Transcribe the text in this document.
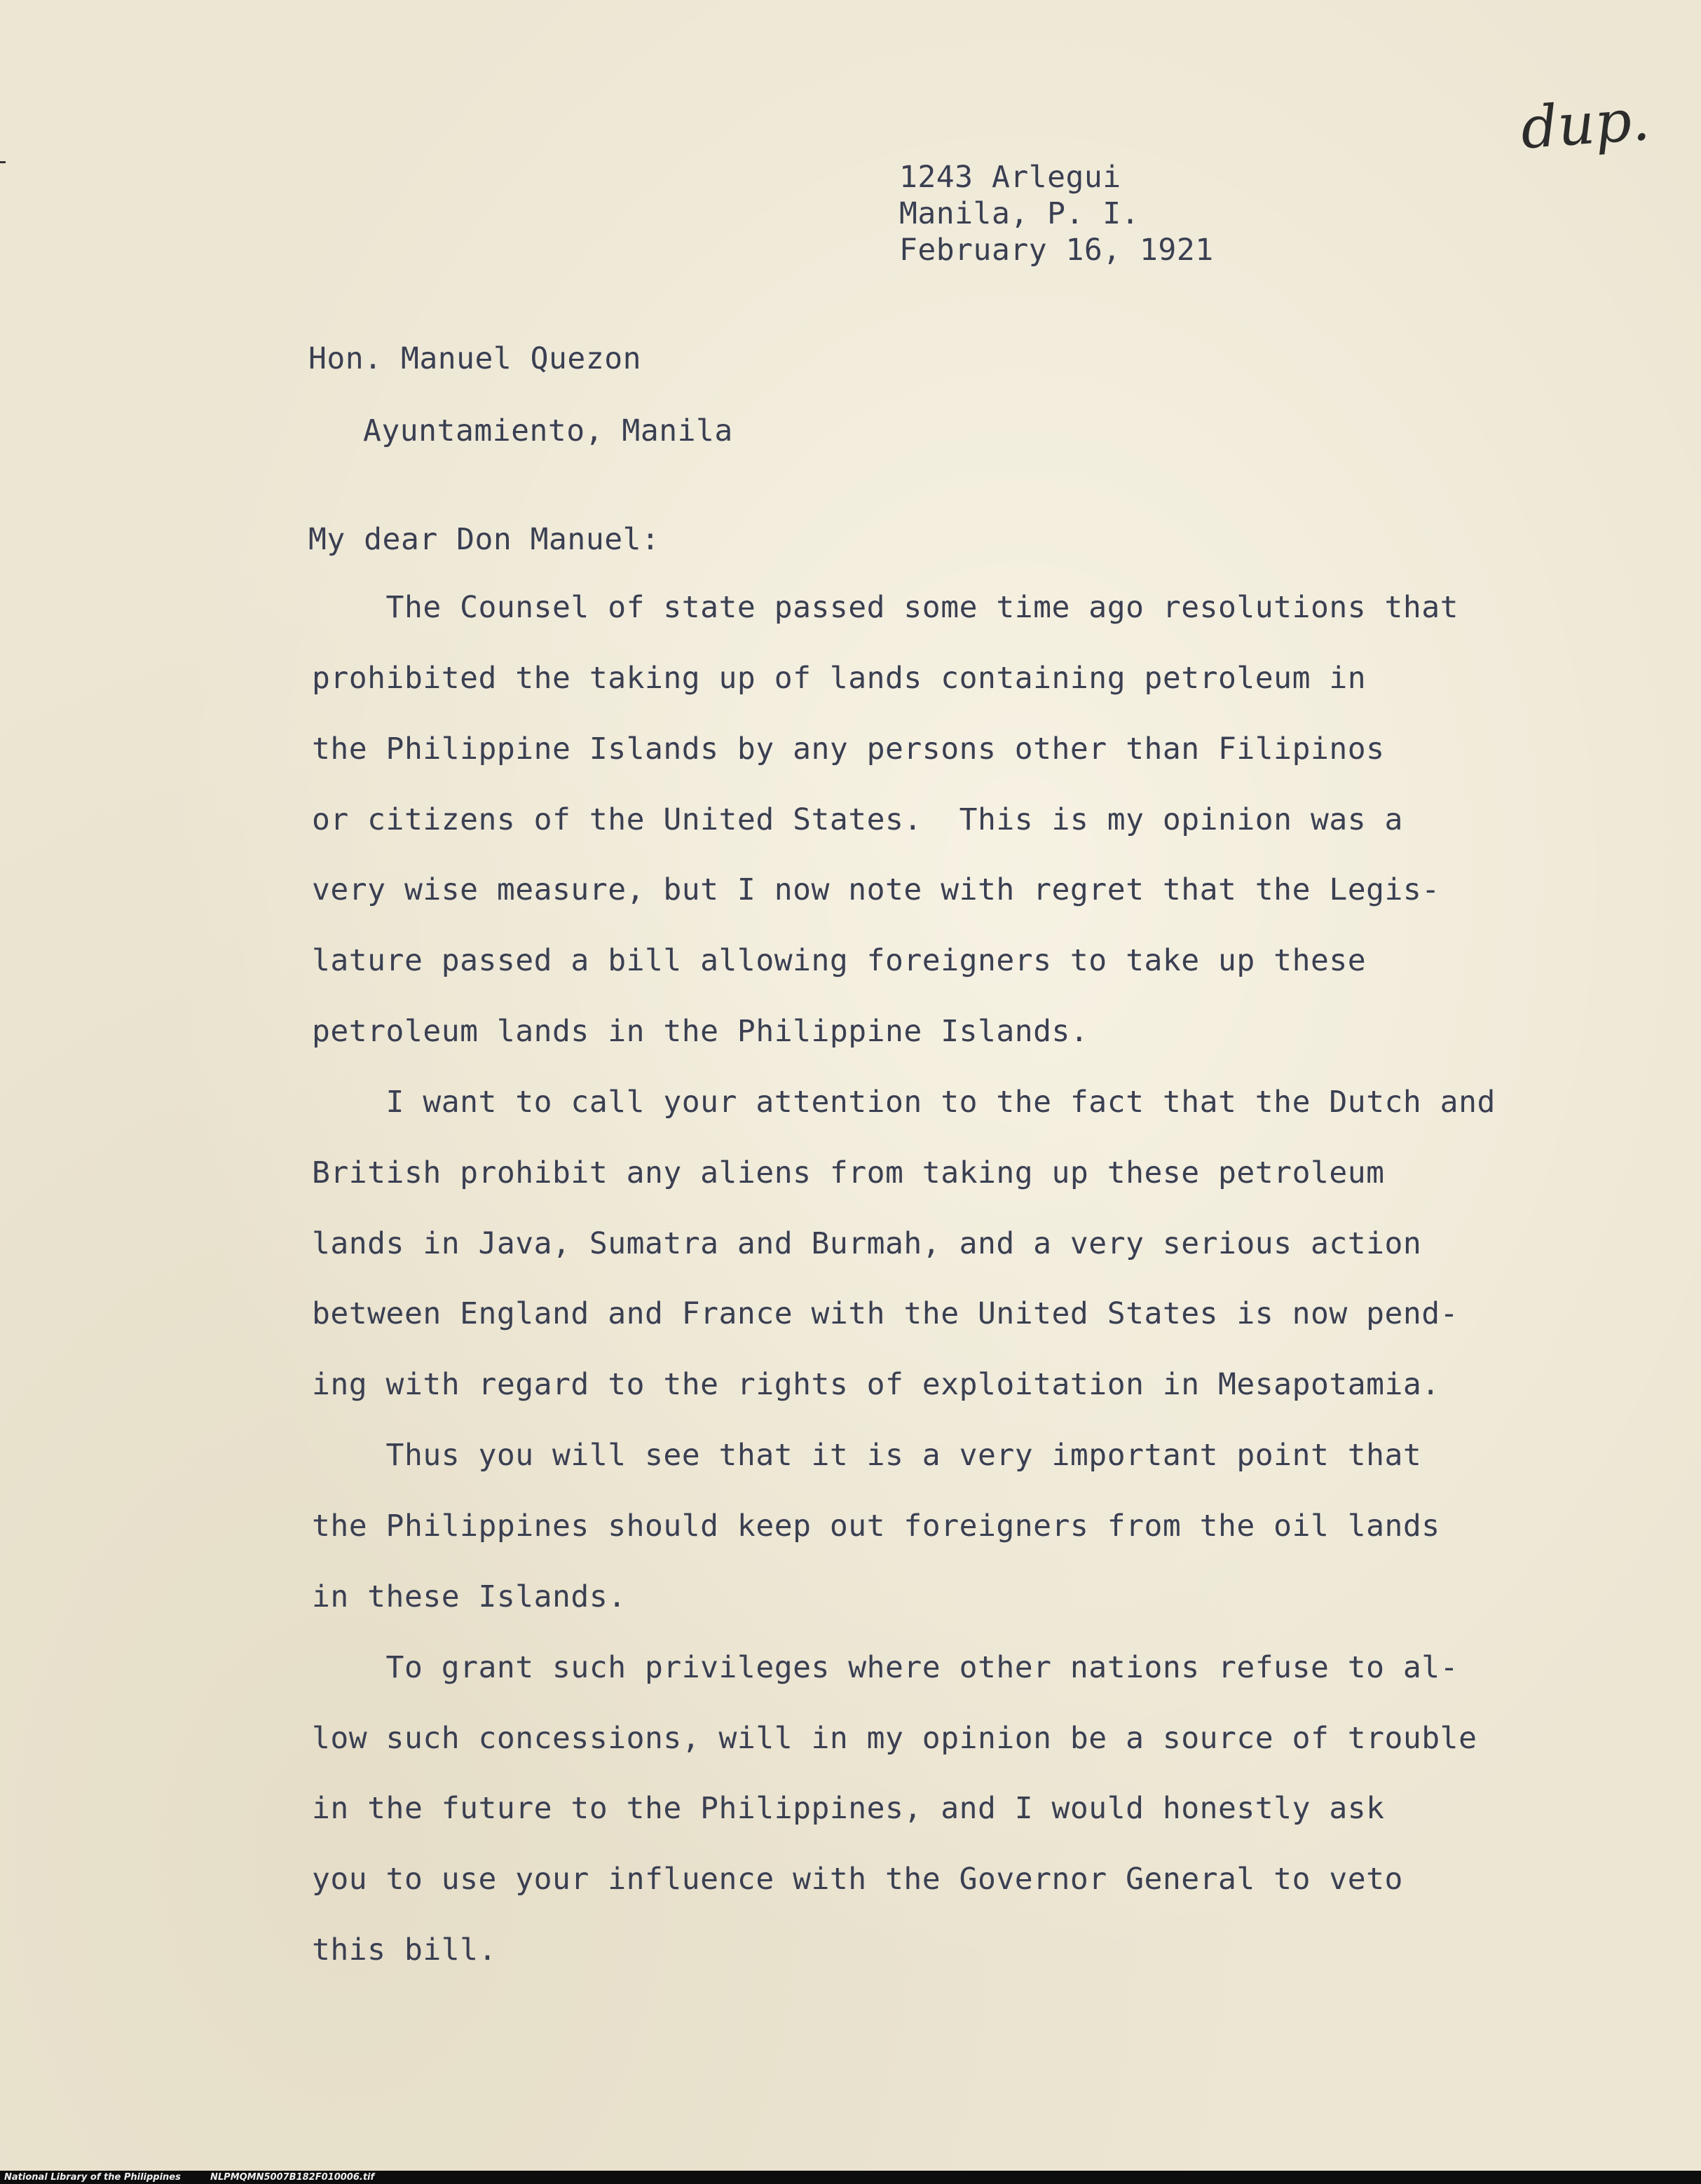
dup.
1243 Arlegui
Manila, P. I.
February 16, 1921
Hon. Manuel Quezon
Ayuntamiento, Manila
My dear Don Manuel:
The Counsel of state passed some time ago resolutions that
prohibited the taking up of lands containing petroleum in
the Philippine Islands by any persons other than Filipinos
or citizens of the United States.  This is my opinion was a
very wise measure, but I now note with regret that the Legis-
lature passed a bill allowing foreigners to take up these
petroleum lands in the Philippine Islands.
I want to call your attention to the fact that the Dutch and
British prohibit any aliens from taking up these petroleum
lands in Java, Sumatra and Burmah, and a very serious action
between England and France with the United States is now pend-
ing with regard to the rights of exploitation in Mesapotamia.
Thus you will see that it is a very important point that
the Philippines should keep out foreigners from the oil lands
in these Islands.
To grant such privileges where other nations refuse to al-
low such concessions, will in my opinion be a source of trouble
in the future to the Philippines, and I would honestly ask
you to use your influence with the Governor General to veto
this bill.
National Library of the Philippines	NLPMQMN5007B182F010006.tif
